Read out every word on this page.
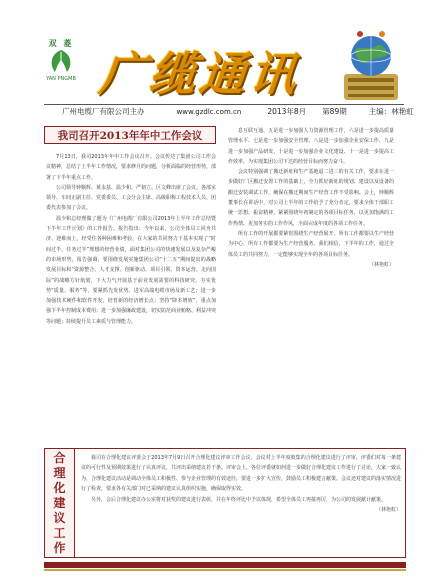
双 菱
YAN PNGMB 广缆通讯
广州电缆厂有限公司主办	www.gzdlc.com.cn	2013年8月 第89期	主编：林艳虹
我司召开2013年年中工作会议

7月13日，我司2013年年中工作会议召开。会议传达了集团公司工作会议精神，总结了上半年工作情况，要求修月的问题，分析面临的经营形势，部署了下半年重点工作。

公司领导钟顺辉、黄永基、温少和、严韧立、区文峰出席了会议。各部室领导、车间正副主任、党委委员、工会分会主席、高级职称工程技术人员、团委代表参加了会议。

温少和总经理做了题为《广州电缆厂有限公司2013年上半年工作总结暨下半年工作计划》的工作报告。报告指出：今年以来，公司全体员工同舟共济、迎难而上，经受住各种困难和考验，在大家的共同努力下基本实现了“时间过半、任务过半”理想的经营业绩，面对集团公司的快速发展以及复杂严峻的市场形势，报告强调，要围绕发展实施集团公司“十二五”期间提出的战略发展目标和“资源整合、人才支撑、创新驱动、项目引领、资本运营、走向国际”的战略方针航划，下大力气开展基于前业发展需要的科技研究，夯实优势“质量、服务”等、要紧抓先发优势、进军高端电缆市场及新工艺；进一步加强技术硬件和软件开发，培育新的经济增长点；坚持“降本增效”，重点加强下半年控制成本费用；进一步加强廉政建设，切实防范商业贿赂、利益冲突等问题；持续提升员工素质与管理能力。

息互联互通、五是进一步加强人力资源管理工作，六是进一步提高质量管理水平、七是进一步加强安全管理、八是进一步加强企业安保工作、九是进一步加强产品研发、十是进一步加强企业文化建设、十一是进一步提高工作效率，为实现集团公司下达的经营目标而努力奋斗。

会议特别强调了搬迁新址和生产基地退二进三的有关工作，要求在进一步做好厂区搬迁安置工作的基础上，全力抓好新址的规划、建设以及设备的搬迁安装调试工作，确保在搬迁期间生产经营工作不受影响。会上，钟顺辉董事长在讲话中，对公司上半年的工作给予了充分肯定，要求全体干部职工统一思想、振奋精神，紧紧围绕年初制定的各项目标任务，以更加饱满的工作热情、更加务实的工作作风，全面完成年度的各项工作任务。

所有工作的开展都要紧密围绕生产经营展开。所有工作都要以生产经营为中心，所有工作都要为生产经营服务，我们相信，下半年的工作，通过全体员工的共同努力，一定能够实现全年的各项目标任务。

（林艳虹）
合
理
化
建
议
工
作

我司在合理化建议评委会于2013年7月9日召开合理化建议评审工作会议，会议对上半年度收集的合理化建议进行了评审，评委们对每一条建议的可行性及预期效果进行了认真评议，共评出采纳建议若干条。评审会上，各位评委就如何进一步做好合理化建议工作进行了讨论，大家一致认为，合理化建议活动是调动全体员工积极性、参与企业管理的有效途径，要进一步扩大宣传，鼓励员工积极建言献策。会议还对建议的落实情况进行了检查，要求各有关部门对已采纳的建议认真组织实施，确保取得实效。

另外，会后合理化建议办公室将对获奖的建议进行表彰，并在年终评比中予以体现，希望全体员工再接再厉，为公司的发展献计献策。

（林艳虹）
